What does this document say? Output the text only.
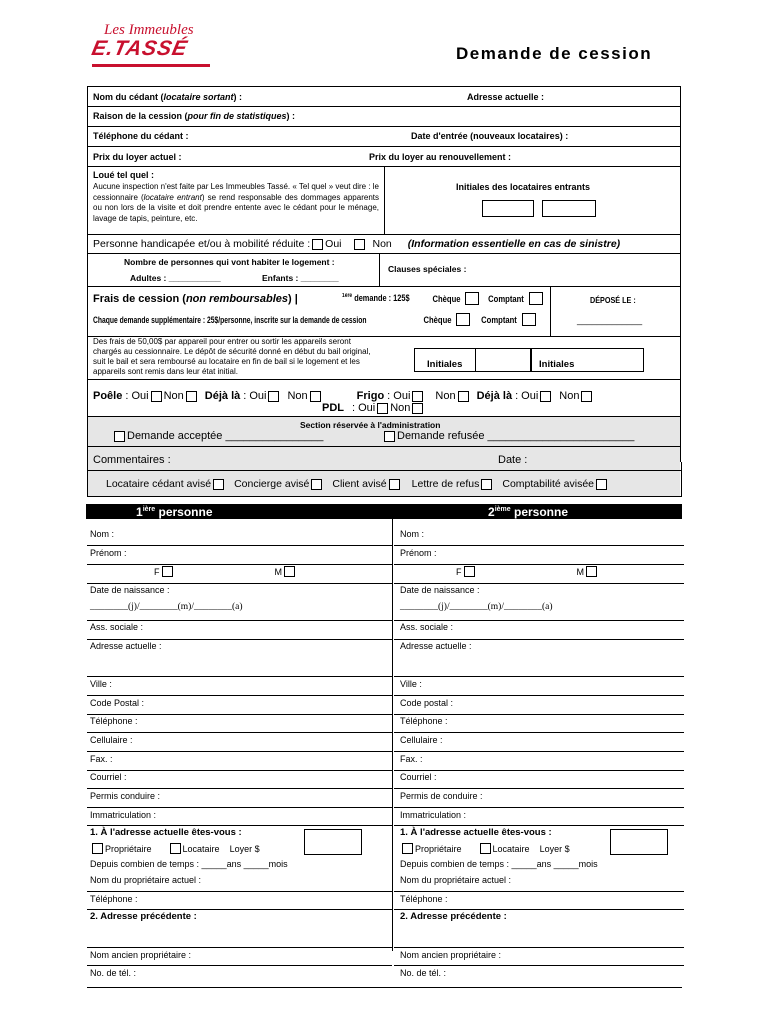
Les Immeubles
E.TASSÉ	Demande de cession
Nom du cédant (locataire sortant) :	Adresse actuelle :
Raison de la cession (pour fin de statistiques) :
Téléphone du cédant :	Date d'entrée (nouveaux locataires) :
Prix du loyer actuel :	Prix du loyer au renouvellement :
Loué tel quel :
Aucune inspection n'est faite par Les Immeubles Tassé. « Tel quel » veut dire : le cessionnaire (locataire entrant) se rend responsable des dommages apparents ou non lors de la visite et doit prendre entente avec le cédant pour le ménage, lavage de tapis, peinture, etc.
Initiales des locataires entrants
Personne handicapée et/ou à mobilité réduite : Oui	Non (Information essentielle en cas de sinistre)
Nombre de personnes qui vont habiter le logement :
Adultes : ___________	Enfants : ________
Clauses spéciales :
Frais de cession (non remboursables) |	$^{1ère}$ demande : 125$	Chèque	Comptant	DÉPOSÉ LE :
Chaque demande supplémentaire : 25$/personne, inscrite sur la demande de cession	Chèque	Comptant	_____________
Des frais de 50,00$ par appareil pour entrer ou sortir les appareils seront chargés au cessionnaire. Le dépôt de sécurité donné en début du bail original, suit le bail et sera remboursé au locataire en fin de bail si le logement et les appareils sont remis dans leur état initial.
Initiales	Initiales
Poêle : Oui Non Déjà là : Oui Non	Frigo : Oui Non Déjà là : Oui Non
PDL : Oui Non
Section réservée à l'administration
Demande acceptée ________________	Demande refusée ________________________
Commentaires :	Date :
Locataire cédant avisé Concierge avisé Client avisé Lettre de refus Comptabilité avisée
$1^{ière}$ personne	2ième personne
Nom :
Prénom :
F	M
Date de naissance :
________(j)/________(m)/________(a)
Ass. sociale :
Adresse actuelle :
Ville :
Code Postal :
Téléphone :
Cellulaire :
Fax. :
Courriel :
Permis conduire :
Immatriculation :
1. À l'adresse actuelle êtes-vous :
Propriétaire	Locataire Loyer $
Depuis combien de temps : _____ans _____mois
Nom du propriétaire actuel :
Téléphone :
2. Adresse précédente :
Nom ancien propriétaire :
No. de tél. :
Nom :
Prénom :
F	M
Date de naissance :
________(j)/________(m)/________(a)
Ass. sociale :
Adresse actuelle :
Ville :
Code postal :
Téléphone :
Cellulaire :
Fax. :
Courriel :
Permis de conduire :
Immatriculation :
1. À l'adresse actuelle êtes-vous :
Propriétaire	Locataire Loyer $
Depuis combien de temps : _____ans _____mois
Nom du propriétaire actuel :
Téléphone :
2. Adresse précédente :
Nom ancien propriétaire :
No. de tél. :
